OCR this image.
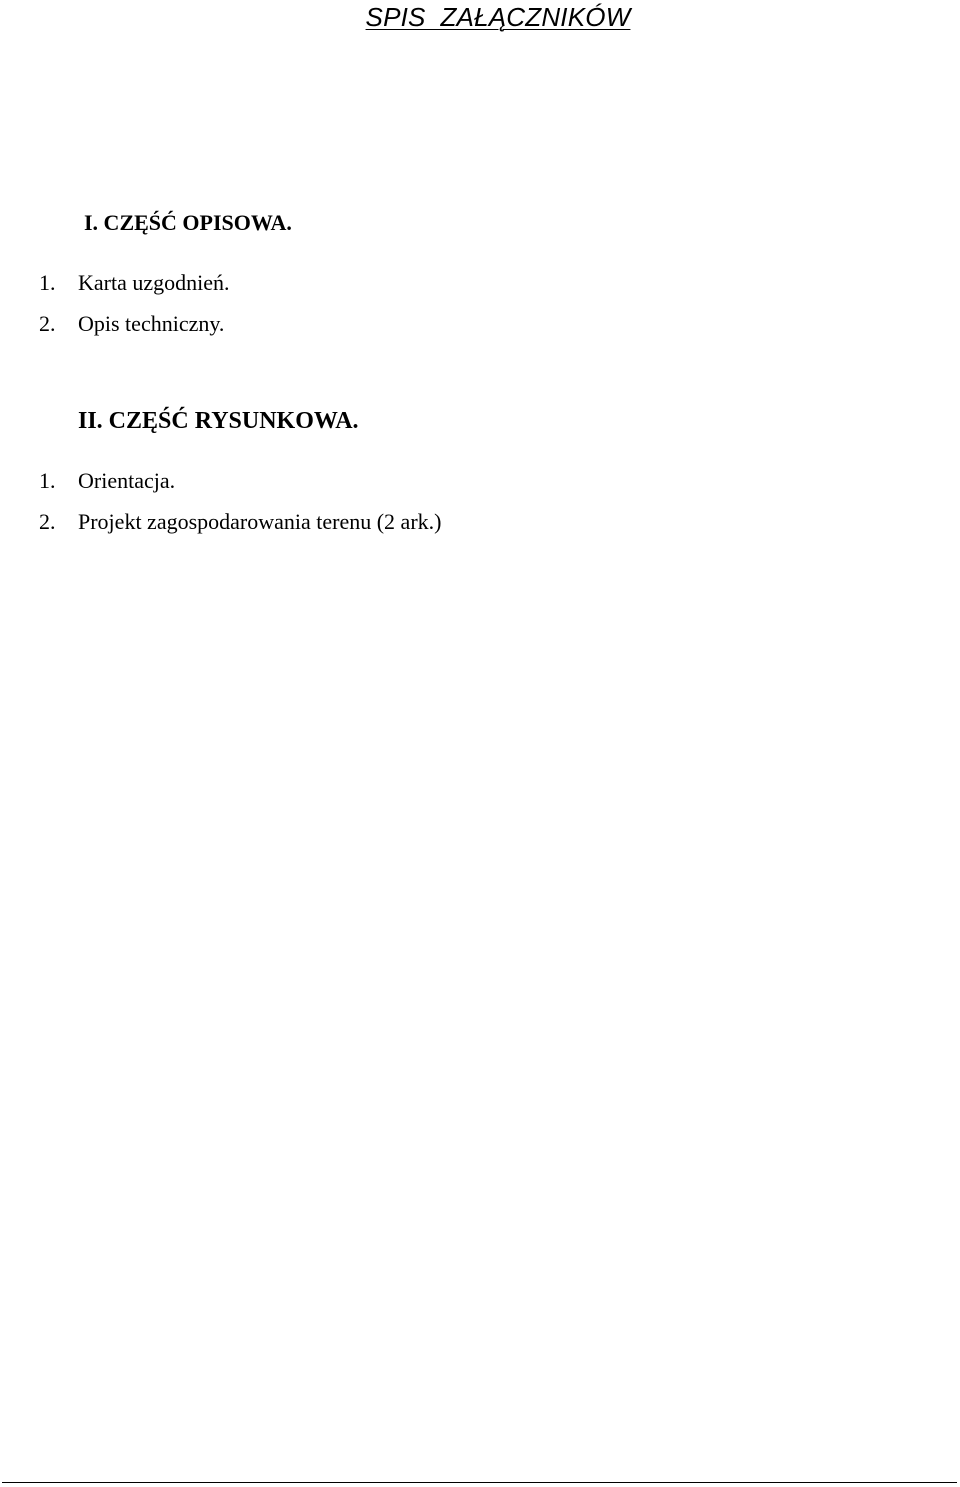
SPIS  ZAŁĄCZNIKÓW
I. CZĘŚĆ OPISOWA.
1.	Karta uzgodnień.
2.	Opis techniczny.
II. CZĘŚĆ RYSUNKOWA.
1.	Orientacja.
2.	Projekt zagospodarowania terenu (2 ark.)
